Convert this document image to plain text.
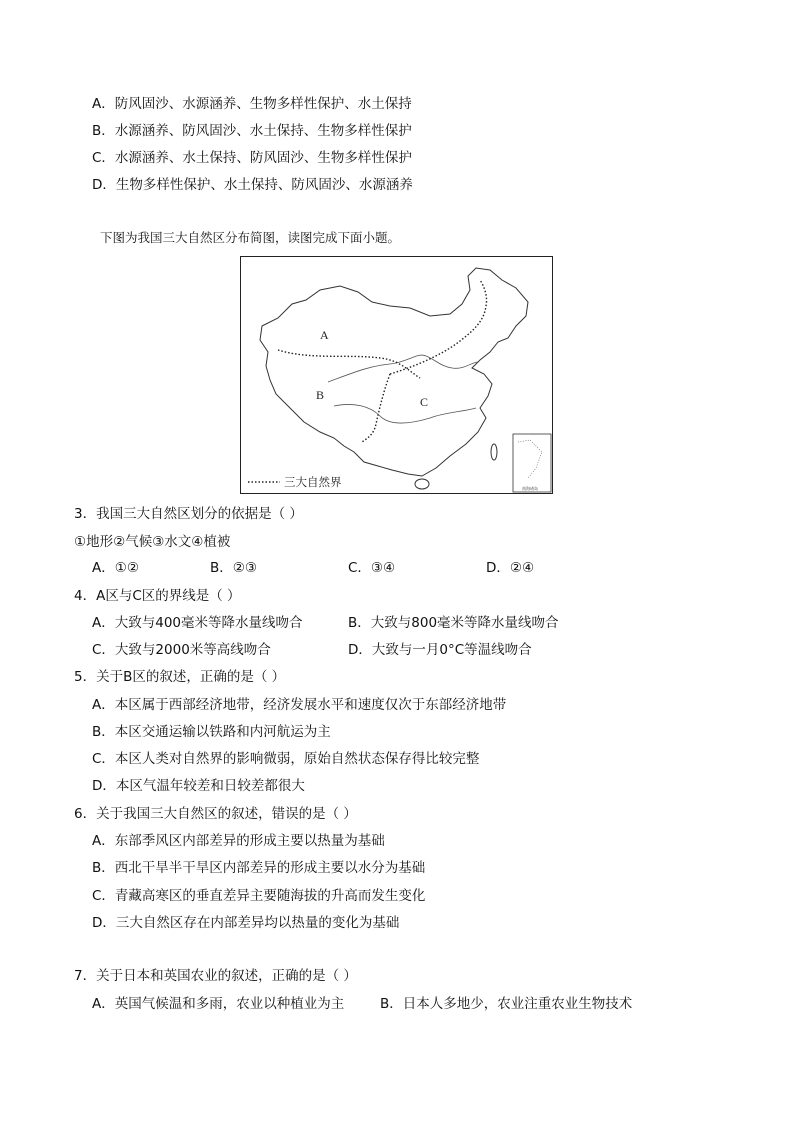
A．防风固沙、水源涵养、生物多样性保护、水土保持
B．水源涵养、防风固沙、水土保持、生物多样性保护
C．水源涵养、水土保持、防风固沙、生物多样性保护
D．生物多样性保护、水土保持、防风固沙、水源涵养
下图为我国三大自然区分布简图，读图完成下面小题。
A
B	C
南海诸岛
三大自然界
3．我国三大自然区划分的依据是（ ）
①地形②气候③水文④植被
A．①②	B．②③	C．③④	D．②④
4．A区与C区的界线是（ ）
A．大致与400毫米等降水量线吻合	B．大致与800毫米等降水量线吻合
C．大致与2000米等高线吻合	D．大致与一月0°C等温线吻合
5．关于B区的叙述，正确的是（ ）
A．本区属于西部经济地带，经济发展水平和速度仅次于东部经济地带
B．本区交通运输以铁路和内河航运为主
C．本区人类对自然界的影响微弱，原始自然状态保存得比较完整
D．本区气温年较差和日较差都很大
6．关于我国三大自然区的叙述，错误的是（ ）
A．东部季风区内部差异的形成主要以热量为基础
B．西北干旱半干旱区内部差异的形成主要以水分为基础
C．青藏高寒区的垂直差异主要随海拔的升高而发生变化
D．三大自然区存在内部差异均以热量的变化为基础
7．关于日本和英国农业的叙述，正确的是（ ）
A．英国气候温和多雨，农业以种植业为主	B．日本人多地少，农业注重农业生物技术
